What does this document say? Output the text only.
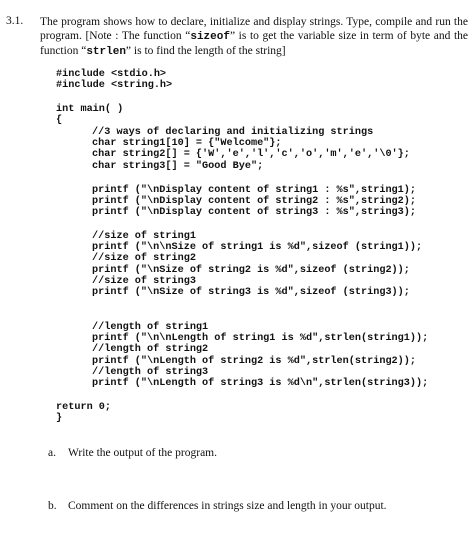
3.1. The program shows how to declare, initialize and display strings. Type, compile and run the program. [Note : The function “sizeof” is to get the variable size in term of byte and the function “strlen” is to find the length of the string]
#include <stdio.h>
#include <string.h>
int main( )
{
//3 ways of declaring and initializing strings
char string1[10] = {"Welcome"};
char string2[] = {'W','e','l','c','o','m','e','\0'};
char string3[] = "Good Bye";
printf ("\nDisplay content of string1 : %s",string1);
printf ("\nDisplay content of string2 : %s",string2);
printf ("\nDisplay content of string3 : %s",string3);
//size of string1
printf ("\n\nSize of string1 is %d",sizeof (string1));
//size of string2
printf ("\nSize of string2 is %d",sizeof (string2));
//size of string3
printf ("\nSize of string3 is %d",sizeof (string3));
//length of string1
printf ("\n\nLength of string1 is %d",strlen(string1));
//length of string2
printf ("\nLength of string2 is %d",strlen(string2));
//length of string3
printf ("\nLength of string3 is %d\n",strlen(string3));
return 0;
}
a. Write the output of the program.
b. Comment on the differences in strings size and length in your output.
